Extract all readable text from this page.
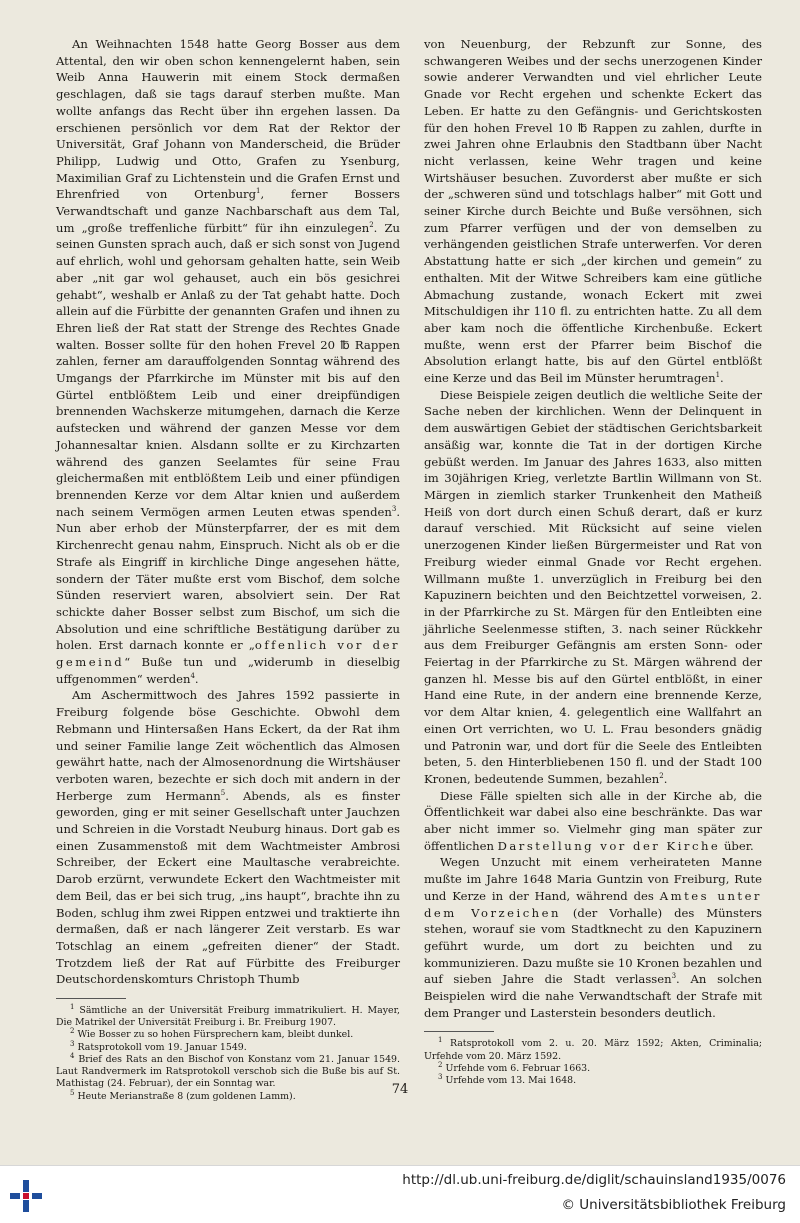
An Weihnachten 1548 hatte Georg Bosser aus dem Attental, den wir oben schon kennengelernt haben, sein Weib Anna Hauwerin mit einem Stock dermaßen geschlagen, daß sie tags darauf sterben mußte. Man wollte anfangs das Recht über ihn ergehen lassen. Da erschienen persönlich vor dem Rat der Rektor der Universität, Graf Johann von Manderscheid, die Brüder Philipp, Ludwig und Otto, Grafen zu Ysenburg, Maximilian Graf zu Lichtenstein und die Grafen Ernst und Ehrenfried von Ortenburg$^1$, ferner Bossers Verwandtschaft und ganze Nachbarschaft aus dem Tal, um „große treffenliche fürbitt“ für ihn einzulegen$^2$. Zu seinen Gunsten sprach auch, daß er sich sonst von Jugend auf ehrlich, wohl und gehorsam gehalten hatte, sein Weib aber „nit gar wol gehauset, auch ein bös gesichrei gehabt“, weshalb er Anlaß zu der Tat gehabt hatte. Doch allein auf die Fürbitte der genannten Grafen und ihnen zu Ehren ließ der Rat statt der Strenge des Rechtes Gnade walten. Bosser sollte für den hohen Frevel 20 ℔ Rappen zahlen, ferner am darauffolgenden Sonntag während des Umgangs der Pfarrkirche im Münster mit bis auf den Gürtel entblößtem Leib und einer dreipfündigen brennenden Wachskerze mitumgehen, darnach die Kerze aufstecken und während der ganzen Messe vor dem Johannesaltar knien. Alsdann sollte er zu Kirchzarten während des ganzen Seelamtes für seine Frau gleichermaßen mit entblößtem Leib und einer pfündigen brennenden Kerze vor dem Altar knien und außerdem nach seinem Vermögen armen Leuten etwas spenden$^3$. Nun aber erhob der Münsterpfarrer, der es mit dem Kirchenrecht genau nahm, Einspruch. Nicht als ob er die Strafe als Eingriff in kirchliche Dinge angesehen hätte, sondern der Täter mußte erst vom Bischof, dem solche Sünden reserviert waren, absolviert sein. Der Rat schickte daher Bosser selbst zum Bischof, um sich die Absolution und eine schriftliche Bestätigung darüber zu holen. Erst darnach konnte er „offenlich vor der gemeind“ Buße tun und „widerumb in dieselbig uffgenommen“ werden$^4$.

Am Aschermittwoch des Jahres 1592 passierte in Freiburg folgende böse Geschichte. Obwohl dem Rebmann und Hintersaßen Hans Eckert, da der Rat ihm und seiner Familie lange Zeit wöchentlich das Almosen gewährt hatte, nach der Almosenordnung die Wirtshäuser verboten waren, bezechte er sich doch mit andern in der Herberge zum Hermann$^5$. Abends, als es finster geworden, ging er mit seiner Gesellschaft unter Jauchzen und Schreien in die Vorstadt Neuburg hinaus. Dort gab es einen Zusammenstoß mit dem Wachtmeister Ambrosi Schreiber, der Eckert eine Maultasche verabreichte. Darob erzürnt, verwundete Eckert den Wachtmeister mit dem Beil, das er bei sich trug, „ins haupt“, brachte ihn zu Boden, schlug ihm zwei Rippen entzwei und traktierte ihn dermaßen, daß er nach längerer Zeit verstarb. Es war Totschlag an einem „gefreiten diener“ der Stadt. Trotzdem ließ der Rat auf Fürbitte des Freiburger Deutschordenskomturs Christoph Thumb

$^1$ Sämtliche an der Universität Freiburg immatrikuliert. H. Mayer, Die Matrikel der Universität Freiburg i. Br. Freiburg 1907.

$^2$ Wie Bosser zu so hohen Fürsprechern kam, bleibt dunkel.

$^3$ Ratsprotokoll vom 19. Januar 1549.

$^4$ Brief des Rats an den Bischof von Konstanz vom 21. Januar 1549. Laut Randvermerk im Ratsprotokoll verschob sich die Buße bis auf St. Mathistag (24. Februar), der ein Sonntag war.

$^5$ Heute Merianstraße 8 (zum goldenen Lamm).

von Neuenburg, der Rebzunft zur Sonne, des schwangeren Weibes und der sechs unerzogenen Kinder sowie anderer Verwandten und viel ehrlicher Leute Gnade vor Recht ergehen und schenkte Eckert das Leben. Er hatte zu den Gefängnis- und Gerichtskosten für den hohen Frevel 10 ℔ Rappen zu zahlen, durfte in zwei Jahren ohne Erlaubnis den Stadtbann über Nacht nicht verlassen, keine Wehr tragen und keine Wirtshäuser besuchen. Zuvorderst aber mußte er sich der „schweren sünd und totschlags halber“ mit Gott und seiner Kirche durch Beichte und Buße versöhnen, sich zum Pfarrer verfügen und der von demselben zu verhängenden geistlichen Strafe unterwerfen. Vor deren Abstattung hatte er sich „der kirchen und gemein“ zu enthalten. Mit der Witwe Schreibers kam eine gütliche Abmachung zustande, wonach Eckert mit zwei Mitschuldigen ihr 110 fl. zu entrichten hatte. Zu all dem aber kam noch die öffentliche Kirchenbuße. Eckert mußte, wenn erst der Pfarrer beim Bischof die Absolution erlangt hatte, bis auf den Gürtel entblößt eine Kerze und das Beil im Münster herumtragen$^1$.

Diese Beispiele zeigen deutlich die weltliche Seite der Sache neben der kirchlichen. Wenn der Delinquent in dem auswärtigen Gebiet der städtischen Gerichtsbarkeit ansäßig war, konnte die Tat in der dortigen Kirche gebüßt werden. Im Januar des Jahres 1633, also mitten im 30jährigen Krieg, verletzte Bartlin Willmann von St. Märgen in ziemlich starker Trunkenheit den Matheiß Heiß von dort durch einen Schuß derart, daß er kurz darauf verschied. Mit Rücksicht auf seine vielen unerzogenen Kinder ließen Bürgermeister und Rat von Freiburg wieder einmal Gnade vor Recht ergehen. Willmann mußte 1. unverzüglich in Freiburg bei den Kapuzinern beichten und den Beichtzettel vorweisen, 2. in der Pfarrkirche zu St. Märgen für den Entleibten eine jährliche Seelenmesse stiften, 3. nach seiner Rückkehr aus dem Freiburger Gefängnis am ersten Sonn- oder Feiertag in der Pfarrkirche zu St. Märgen während der ganzen hl. Messe bis auf den Gürtel entblößt, in einer Hand eine Rute, in der andern eine brennende Kerze, vor dem Altar knien, 4. gelegentlich eine Wallfahrt an einen Ort verrichten, wo U. L. Frau besonders gnädig und Patronin war, und dort für die Seele des Entleibten beten, 5. den Hinterbliebenen 150 fl. und der Stadt 100 Kronen, bedeutende Summen, bezahlen$^2$.

Diese Fälle spielten sich alle in der Kirche ab, die Öffentlichkeit war dabei also eine beschränkte. Das war aber nicht immer so. Vielmehr ging man später zur öffentlichen Darstellung vor der Kirche über.

Wegen Unzucht mit einem verheirateten Manne mußte im Jahre 1648 Maria Guntzin von Freiburg, Rute und Kerze in der Hand, während des Amtes unter dem Vorzeichen (der Vorhalle) des Münsters stehen, worauf sie vom Stadtknecht zu den Kapuzinern geführt wurde, um dort zu beichten und zu kommunizieren. Dazu mußte sie 10 Kronen bezahlen und auf sieben Jahre die Stadt verlassen$^3$. An solchen Beispielen wird die nahe Verwandtschaft der Strafe mit dem Pranger und Lasterstein besonders deutlich.

$^1$ Ratsprotokoll vom 2. u. 20. März 1592; Akten, Criminalia; Urfehde vom 20. März 1592.

$^2$ Urfehde vom 6. Februar 1663.

$^3$ Urfehde vom 13. Mai 1648.

74
http://dl.ub.uni-freiburg.de/diglit/schauinsland1935/0076
© Universitätsbibliothek Freiburg
